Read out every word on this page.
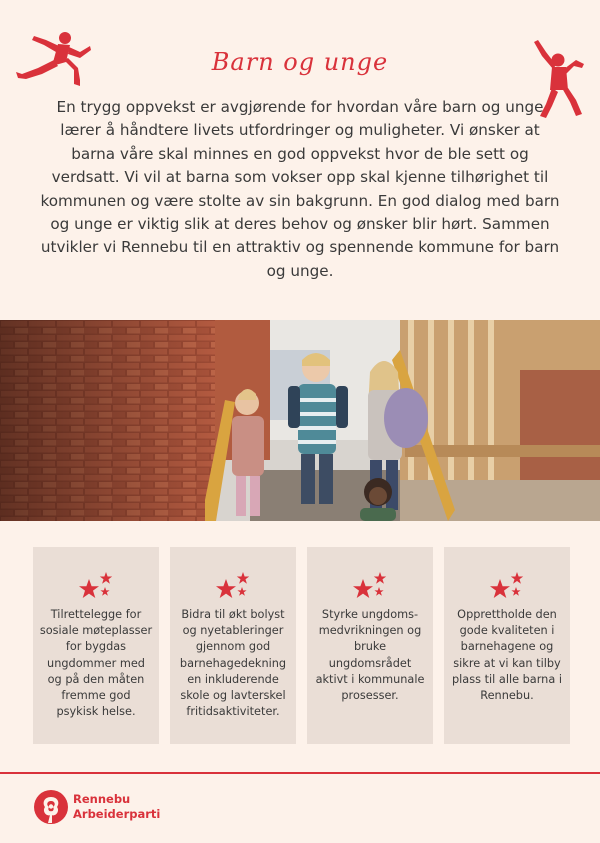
Barn og unge

En trygg oppvekst er avgjørende for hvordan våre barn og unge lærer å håndtere livets utfordringer og muligheter. Vi ønsker at barna våre skal minnes en god oppvekst hvor de ble sett og verdsatt. Vi vil at barna som vokser opp skal kjenne tilhørighet til kommunen og være stolte av sin bakgrunn. En god dialog med barn og unge er viktig slik at deres behov og ønsker blir hørt. Sammen utvikler vi Rennebu til en attraktiv og spennende kommune for barn og unge.

Tilrettelegge for sosiale møteplasser for bygdas ungdommer med og på den måten fremme god psykisk helse.

Bidra til økt bolyst og nyetableringer gjennom god barnehagedekning en inkluderende skole og lavterskel fritidsaktiviteter.

Styrke ungdoms-medvrikningen og bruke ungdomsrådet aktivt i kommunale prosesser.

Opprettholde den gode kvaliteten i barnehagene og sikre at vi kan tilby plass til alle barna i Rennebu.

Rennebu
Arbeiderparti
